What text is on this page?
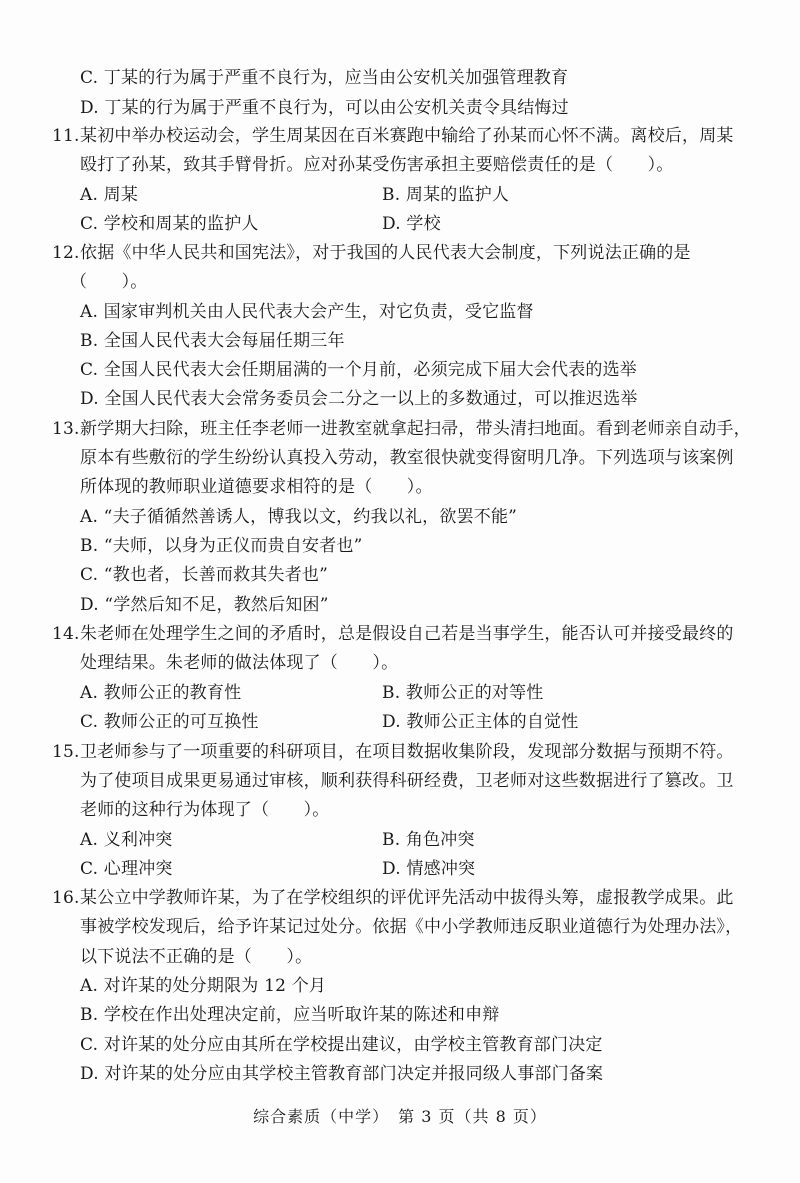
C. 丁某的行为属于严重不良行为，应当由公安机关加强管理教育
D. 丁某的行为属于严重不良行为，可以由公安机关责令具结悔过
11. 某初中举办校运动会，学生周某因在百米赛跑中输给了孙某而心怀不满。离校后，周某
殴打了孙某，致其手臂骨折。应对孙某受伤害承担主要赔偿责任的是（　　）。
A. 周某	B. 周某的监护人
C. 学校和周某的监护人	D. 学校
12. 依据《中华人民共和国宪法》，对于我国的人民代表大会制度，下列说法正确的是
（　　）。
A. 国家审判机关由人民代表大会产生，对它负责，受它监督
B. 全国人民代表大会每届任期三年
C. 全国人民代表大会任期届满的一个月前，必须完成下届大会代表的选举
D. 全国人民代表大会常务委员会二分之一以上的多数通过，可以推迟选举
13. 新学期大扫除，班主任李老师一进教室就拿起扫帚，带头清扫地面。看到老师亲自动手，
原本有些敷衍的学生纷纷认真投入劳动，教室很快就变得窗明几净。下列选项与该案例
所体现的教师职业道德要求相符的是（　　）。
A. “夫子循循然善诱人，博我以文，约我以礼，欲罢不能”
B. “夫师，以身为正仪而贵自安者也”
C. “教也者，长善而救其失者也”
D. “学然后知不足，教然后知困”
14. 朱老师在处理学生之间的矛盾时，总是假设自己若是当事学生，能否认可并接受最终的
处理结果。朱老师的做法体现了（　　）。
A. 教师公正的教育性	B. 教师公正的对等性
C. 教师公正的可互换性	D. 教师公正主体的自觉性
15. 卫老师参与了一项重要的科研项目，在项目数据收集阶段，发现部分数据与预期不符。
为了使项目成果更易通过审核，顺利获得科研经费，卫老师对这些数据进行了篡改。卫
老师的这种行为体现了（　　）。
A. 义利冲突	B. 角色冲突
C. 心理冲突	D. 情感冲突
16. 某公立中学教师许某，为了在学校组织的评优评先活动中拔得头筹，虚报教学成果。此
事被学校发现后，给予许某记过处分。依据《中小学教师违反职业道德行为处理办法》，
以下说法不正确的是（　　）。
A. 对许某的处分期限为 12 个月
B. 学校在作出处理决定前，应当听取许某的陈述和申辩
C. 对许某的处分应由其所在学校提出建议，由学校主管教育部门决定
D. 对许某的处分应由其学校主管教育部门决定并报同级人事部门备案
综合素质（中学）　第 3 页（共 8 页）
